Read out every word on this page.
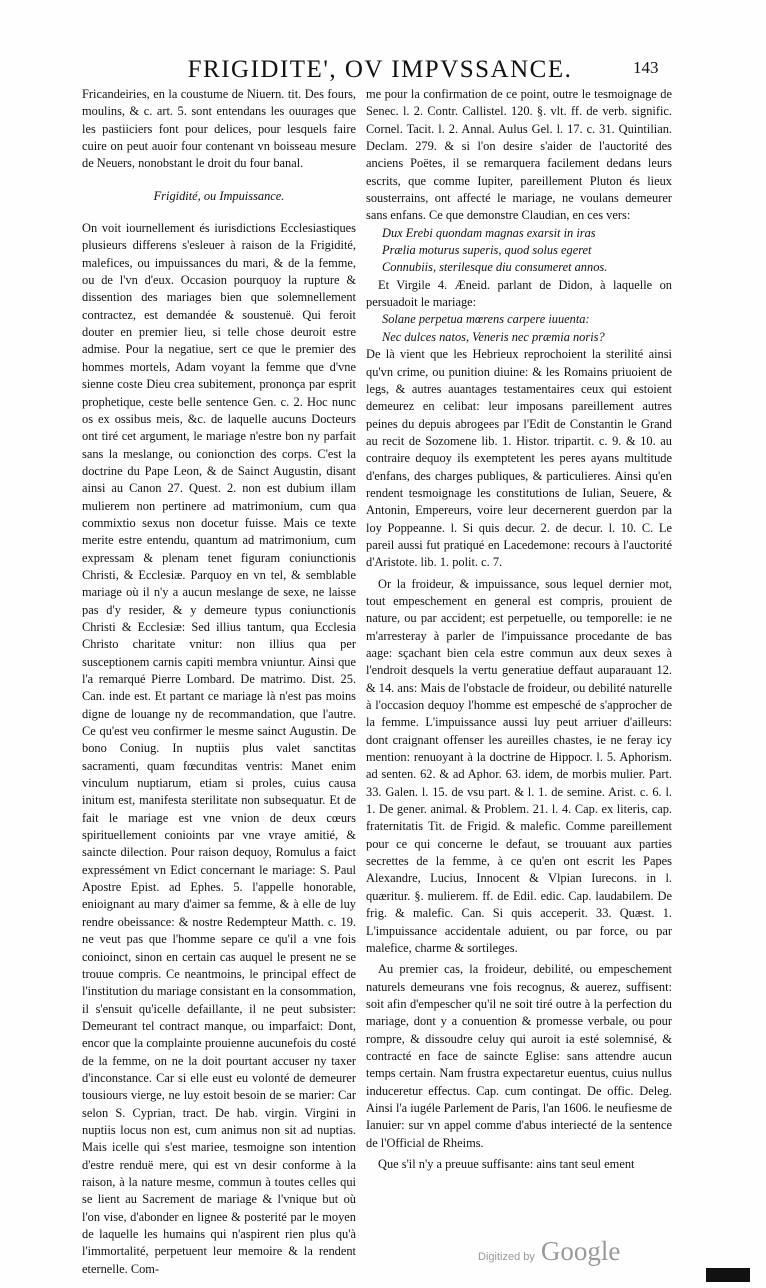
FRIGIDITE', OV IMPVSSANCE.	143

Fricandeiries, en la coustume de Niuern. tit. Des fours, moulins, & c. art. 5. sont entendans les ouurages que les pastiiciers font pour delices, pour lesquels faire cuire on peut auoir four contenant vn boisseau mesure de Neuers, nonobstant le droit du four banal.

Frigidité, ou Impuissance.

On voit iournellement és iurisdictions Ecclesiastiques plusieurs differens s'esleuer à raison de la Frigidité, malefices, ou impuissances du mari, & de la femme, ou de l'vn d'eux. Occasion pourquoy la rupture & dissention des mariages bien que solemnellement contractez, est demandée & soustenuë. Qui feroit douter en premier lieu, si telle chose deuroit estre admise. Pour la negatiue, sert ce que le premier des hommes mortels, Adam voyant la femme que d'vne sienne coste Dieu crea subitement, prononça par esprit prophetique, ceste belle sentence Gen. c. 2. Hoc nunc os ex ossibus meis, &c. de laquelle aucuns Docteurs ont tiré cet argument, le mariage n'estre bon ny parfait sans la meslange, ou conionction des corps. C'est la doctrine du Pape Leon, & de Sainct Augustin, disant ainsi au Canon 27. Quest. 2. non est dubium illam mulierem non pertinere ad matrimonium, cum qua commixtio sexus non docetur fuisse. Mais ce texte merite estre entendu, quantum ad matrimonium, cum expressam & plenam tenet figuram coniunctionis Christi, & Ecclesiæ. Parquoy en vn tel, & semblable mariage où il n'y a aucun meslange de sexe, ne laisse pas d'y resider, & y demeure typus coniunctionis Christi & Ecclesiæ: Sed illius tantum, qua Ecclesia Christo charitate vnitur: non illius qua per susceptionem carnis capiti membra vniuntur. Ainsi que l'a remarqué Pierre Lombard. De matrimo. Dist. 25. Can. inde est. Et partant ce mariage là n'est pas moins digne de louange ny de recommandation, que l'autre. Ce qu'est veu confirmer le mesme sainct Augustin. De bono Coniug. In nuptiis plus valet sanctitas sacramenti, quam fœcunditas ventris: Manet enim vinculum nuptiarum, etiam si proles, cuius causa initum est, manifesta sterilitate non subsequatur. Et de fait le mariage est vne vnion de deux cœurs spirituellement conioints par vne vraye amitié, & saincte dilection. Pour raison dequoy, Romulus a faict expressément vn Edict concernant le mariage: S. Paul Apostre Epist. ad Ephes. 5. l'appelle honorable, enioignant au mary d'aimer sa femme, & à elle de luy rendre obeissance: & nostre Redempteur Matth. c. 19. ne veut pas que l'homme separe ce qu'il a vne fois conioinct, sinon en certain cas auquel le present ne se trouue compris. Ce neantmoins, le principal effect de l'institution du mariage consistant en la consommation, il s'ensuit qu'icelle defaillante, il ne peut subsister: Demeurant tel contract manque, ou imparfaict: Dont, encor que la complainte prouienne aucunefois du costé de la femme, on ne la doit pourtant accuser ny taxer d'inconstance. Car si elle eust eu volonté de demeurer tousiours vierge, ne luy estoit besoin de se marier: Car selon S. Cyprian, tract. De hab. virgin. Virgini in nuptiis locus non est, cum animus non sit ad nuptias. Mais icelle qui s'est mariee, tesmoigne son intention d'estre renduë mere, qui est vn desir conforme à la raison, à la nature mesme, commun à toutes celles qui se lient au Sacrement de mariage & l'vnique but où l'on vise, d'abonder en lignee & posterité par le moyen de laquelle les humains qui n'aspirent rien plus qu'à l'immortalité, perpetuent leur memoire & la rendent eternelle. Com-

me pour la confirmation de ce point, outre le tesmoignage de Senec. l. 2. Contr. Callistel. 120. §. vlt. ff. de verb. signific. Cornel. Tacit. l. 2. Annal. Aulus Gel. l. 17. c. 31. Quintilian. Declam. 279. & si l'on desire s'aider de l'auctorité des anciens Poëtes, il se remarquera facilement dedans leurs escrits, que comme Iupiter, pareillement Pluton és lieux sousterrains, ont affecté le mariage, ne voulans demeurer sans enfans. Ce que demonstre Claudian, en ces vers:

Dux Erebi quondam magnas exarsit in iras
Prælia moturus superis, quod solus egeret
Connubiis, sterilesque diu consumeret annos.

Et Virgile 4. Æneid. parlant de Didon, à laquelle on persuadoit le mariage:

Solane perpetua mœrens carpere iuuenta:
Nec dulces natos, Veneris nec præmia noris?

De là vient que les Hebrieux reprochoient la sterilité ainsi qu'vn crime, ou punition diuine: & les Romains priuoient de legs, & autres auantages testamentaires ceux qui estoient demeurez en celibat: leur imposans pareillement autres peines du depuis abrogees par l'Edit de Constantin le Grand au recit de Sozomene lib. 1. Histor. tripartit. c. 9. & 10. au contraire dequoy ils exemptetent les peres ayans multitude d'enfans, des charges publiques, & particulieres. Ainsi qu'en rendent tesmoignage les constitutions de Iulian, Seuere, & Antonin, Empereurs, voire leur decernerent guerdon par la loy Poppeanne. l. Si quis decur. 2. de decur. l. 10. C. Le pareil aussi fut pratiqué en Lacedemone: recours à l'auctorité d'Aristote. lib. 1. polit. c. 7.

Or la froideur, & impuissance, sous lequel dernier mot, tout empeschement en general est compris, prouient de nature, ou par accident; est perpetuelle, ou temporelle: ie ne m'arresteray à parler de l'impuissance procedante de bas aage: sçachant bien cela estre commun aux deux sexes à l'endroit desquels la vertu generatiue deffaut auparauant 12. & 14. ans: Mais de l'obstacle de froideur, ou debilité naturelle à l'occasion dequoy l'homme est empesché de s'approcher de la femme. L'impuissance aussi luy peut arriuer d'ailleurs: dont craignant offenser les aureilles chastes, ie ne feray icy mention: renuoyant à la doctrine de Hippocr. l. 5. Aphorism. ad senten. 62. & ad Aphor. 63. idem, de morbis mulier. Part. 33. Galen. l. 15. de vsu part. & l. 1. de semine. Arist. c. 6. l. 1. De gener. animal. & Problem. 21. l. 4. Cap. ex literis, cap. fraternitatis Tit. de Frigid. & malefic. Comme pareillement pour ce qui concerne le defaut, se trouuant aux parties secrettes de la femme, à ce qu'en ont escrit les Papes Alexandre, Lucius, Innocent & Vlpian Iurecons. in l. quæritur. §. mulierem. ff. de Edil. edic. Cap. laudabilem. De frig. & malefic. Can. Si quis acceperit. 33. Quæst. 1. L'impuissance accidentale aduient, ou par force, ou par malefice, charme & sortileges.

Au premier cas, la froideur, debilité, ou empeschement naturels demeurans vne fois recognus, & auerez, suffisent: soit afin d'empescher qu'il ne soit tiré outre à la perfection du mariage, dont y a conuention & promesse verbale, ou pour rompre, & dissoudre celuy qui auroit ia esté solemnisé, & contracté en face de saincte Eglise: sans attendre aucun temps certain. Nam frustra expectaretur euentus, cuius nullus induceretur effectus. Cap. cum contingat. De offic. Deleg. Ainsi l'a iugéle Parlement de Paris, l'an 1606. le neufiesme de Ianuier: sur vn appel comme d'abus interiecté de la sentence de l'Official de Rheims.

Que s'il n'y a preuue suffisante: ains tant seul ement

Digitized by Google
